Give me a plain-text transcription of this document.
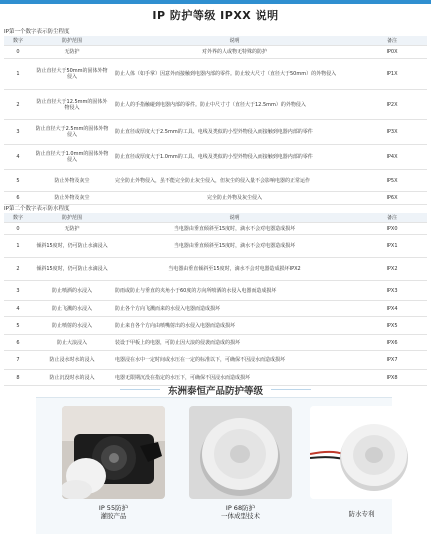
IP 防护等级 IPXX 说明
IP第一个数字表示防尘程度
数字	防护范围	说明	备注
0	无防护	对外界的人或物无特殊的防护	IP0X
1	防止直径大于50mm的固体外物侵入	防止人体（如手掌）因意外而接触到电器内部的零件。防止较大尺寸（直径大于50mm）的外物侵入	IP1X
2	防止直径大于12.5mm的固体外物侵入	防止人的手指触碰到电器内部的零件。防止中尺寸寸（直径大于12.5mm）的外物侵入	IP2X
3	防止直径大于2.5mm的固体外物侵入	防止直径或厚度大于2.5mm的工具、电线及类似的小型外物侵入而接触到电器内部的零件	IP3X
4	防止直径大于1.0mm的固体外物侵入	防止直径或厚度大于1.0mm的工具、电线及类似的小型外物侵入而接触到电器内部的零件	IP4X
5	防止外物及灰尘	完全防止外物侵入，虽不能完全防止灰尘侵入，但灰尘的侵入量不会影响电器的正常运作	IP5X
6	防止外物及灰尘	完全防止外物及灰尘侵入	IP6X
IP第二个数字表示防水程度
数字	防护范围	说明	备注
0	无防护	当电器由垂直倾斜至15度时，滴水不会对电器造成损坏	IPX0
1	倾斜15度时，仍可防止水滴浸入	当电器由垂直倾斜至15度时，滴水不会对电器造成损坏	IPX1
2	倾斜15度时，仍可防止水滴浸入	当电器由垂直倾斜至15度时，滴水不会对电器造成损坏IPX2	IPX2
3	防止喷洒的水浸入	防雨或防止与垂直的夹角小于60度的方向所喷洒的水侵入电器而造成损坏	IPX3
4	防止飞溅的水浸入	防止各个方向飞溅而来的水侵入电器而造成损坏	IPX4
5	防止喷射的水浸入	防止来自各个方向由喷嘴射出的水侵入电器而造成损坏	IPX5
6	防止大浪浸入	装设于甲板上的电器，可防止因大浪的侵袭而造成的损坏	IPX6
7	防止浸水时水的浸入	电器浸在水中一定时间或水压在一定的标准以下，可确保不因浸水而造成损坏	IPX7
8	防止沉没时水的浸入	电器无限期沉没在指定的水压下，可确保不因浸水而造成损坏	IPX8
东洲泰恒产品防护等级
IP 55防护
灌胶产品
IP 68防护
一体成型技术	防水专利
